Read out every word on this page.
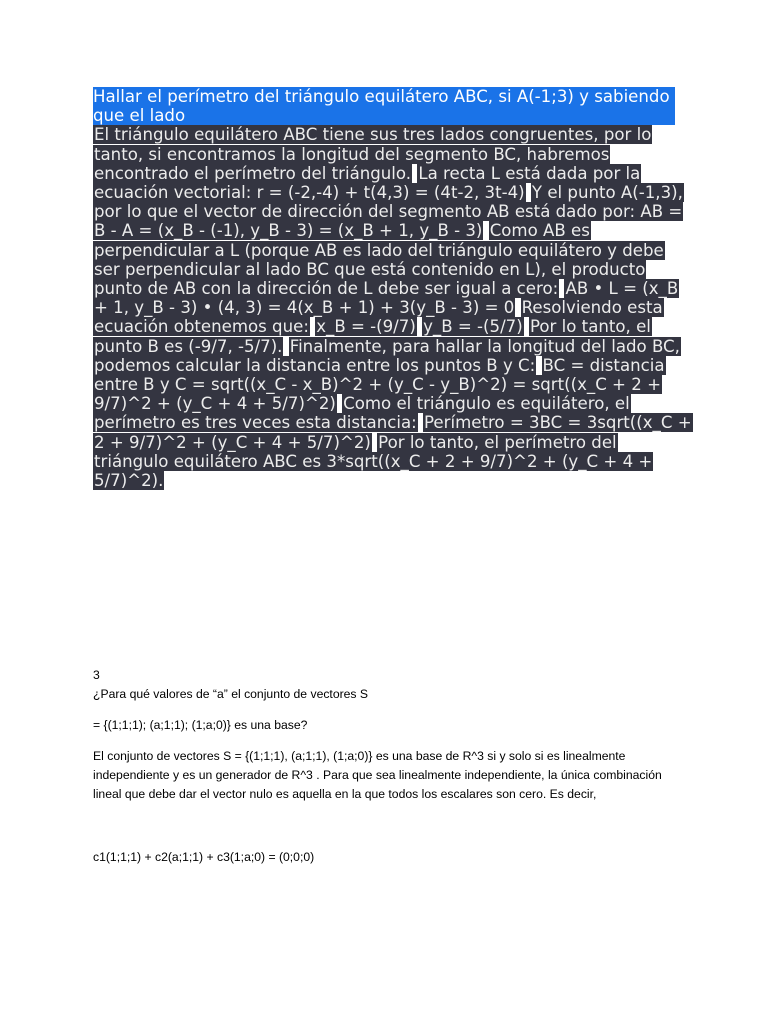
Hallar el perímetro del triángulo equilátero ABC, si A(-1;3) y sabiendo que el lado

El triángulo equilátero ABC tiene sus tres lados congruentes, por lo tanto, si encontramos la longitud del segmento BC, habremos encontrado el perímetro del triángulo. La recta L está dada por la ecuación vectorial: r = (-2,-4) + t(4,3) = (4t-2, 3t-4) Y el punto A(-1,3), por lo que el vector de dirección del segmento AB está dado por: AB = B - A = (x_B - (-1), y_B - 3) = (x_B + 1, y_B - 3) Como AB es perpendicular a L (porque AB es lado del triángulo equilátero y debe ser perpendicular al lado BC que está contenido en L), el producto punto de AB con la dirección de L debe ser igual a cero: AB • L = (x_B + 1, y_B - 3) • (4, 3) = 4(x_B + 1) + 3(y_B - 3) = 0 Resolviendo esta ecuación obtenemos que: x_B = -(9/7) y_B = -(5/7) Por lo tanto, el punto B es (-9/7, -5/7). Finalmente, para hallar la longitud del lado BC, podemos calcular la distancia entre los puntos B y C: BC = distancia entre B y C = sqrt((x_C - x_B)^2 + (y_C - y_B)^2) = sqrt((x_C + 2 + 9/7)^2 + (y_C + 4 + 5/7)^2) Como el triángulo es equilátero, el perímetro es tres veces esta distancia: Perímetro = 3BC = 3sqrt((x_C + 2 + 9/7)^2 + (y_C + 4 + 5/7)^2) Por lo tanto, el perímetro del triángulo equilátero ABC es 3*sqrt((x_C + 2 + 9/7)^2 + (y_C + 4 + 5/7)^2).

3

¿Para qué valores de “a” el conjunto de vectores S

= {(1;1;1); (a;1;1); (1;a;0)} es una base?

El conjunto de vectores S = {(1;1;1), (a;1;1), (1;a;0)} es una base de R^3 si y solo si es linealmente independiente y es un generador de R^3 . Para que sea linealmente independiente, la única combinación lineal que debe dar el vector nulo es aquella en la que todos los escalares son cero. Es decir,

c1(1;1;1) + c2(a;1;1) + c3(1;a;0) = (0;0;0)
